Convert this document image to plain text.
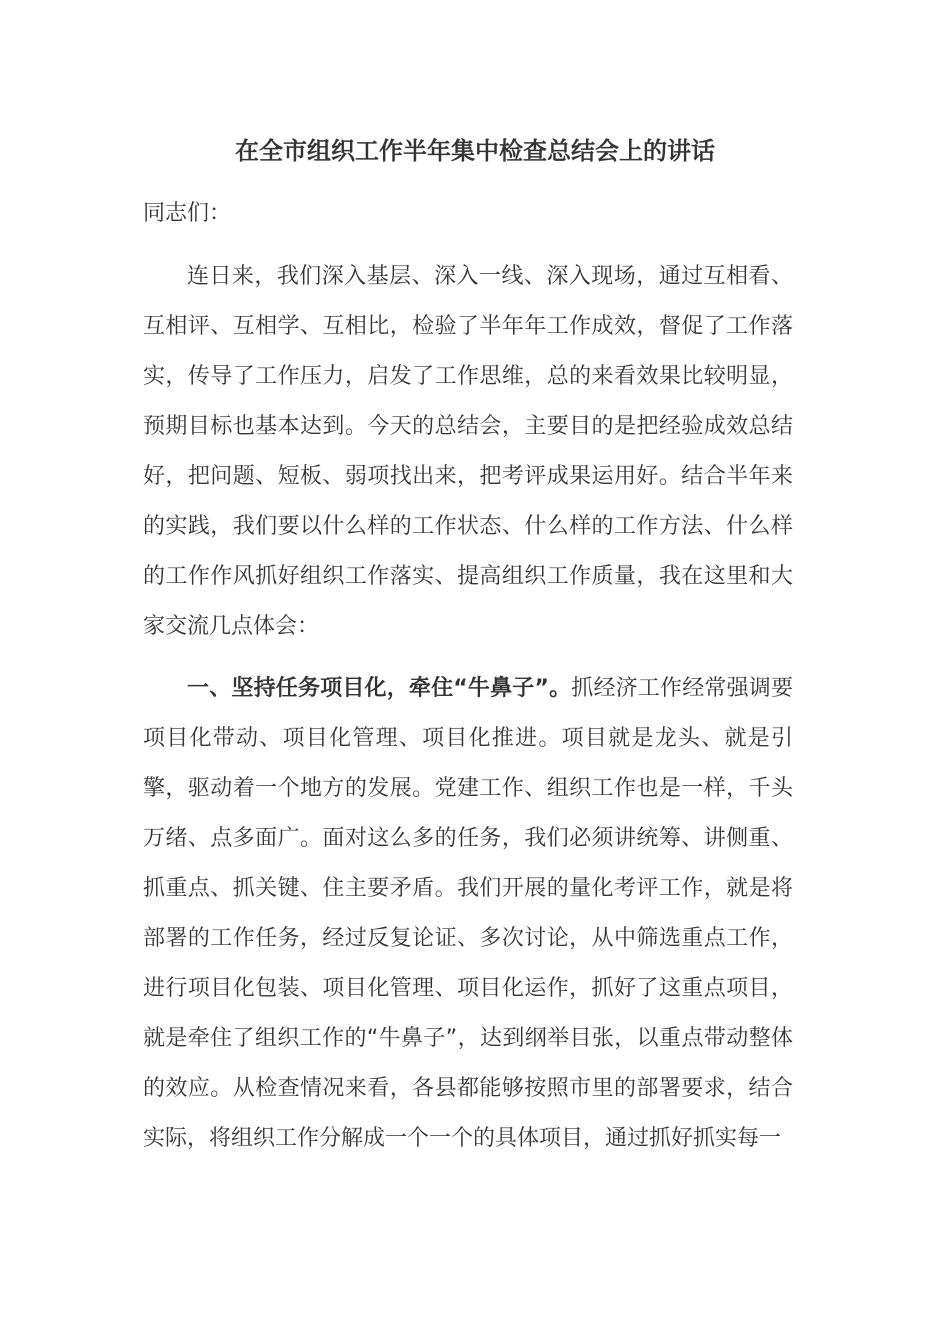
在全市组织工作半年集中检查总结会上的讲话
同志们：

连日来，我们深入基层、深入一线、深入现场，通过互相看、互相评、互相学、互相比，检验了半年年工作成效，督促了工作落实，传导了工作压力，启发了工作思维，总的来看效果比较明显，预期目标也基本达到。今天的总结会，主要目的是把经验成效总结好，把问题、短板、弱项找出来，把考评成果运用好。结合半年来的实践，我们要以什么样的工作状态、什么样的工作方法、什么样的工作作风抓好组织工作落实、提高组织工作质量，我在这里和大家交流几点体会：

一、坚持任务项目化，牵住“牛鼻子”。抓经济工作经常强调要项目化带动、项目化管理、项目化推进。项目就是龙头、就是引擎，驱动着一个地方的发展。党建工作、组织工作也是一样，千头万绪、点多面广。面对这么多的任务，我们必须讲统筹、讲侧重、抓重点、抓关键、住主要矛盾。我们开展的量化考评工作，就是将部署的工作任务，经过反复论证、多次讨论，从中筛选重点工作，进行项目化包装、项目化管理、项目化运作，抓好了这重点项目，就是牵住了组织工作的“牛鼻子”，达到纲举目张，以重点带动整体的效应。从检查情况来看，各县都能够按照市里的部署要求，结合实际，将组织工作分解成一个一个的具体项目，通过抓好抓实每一
